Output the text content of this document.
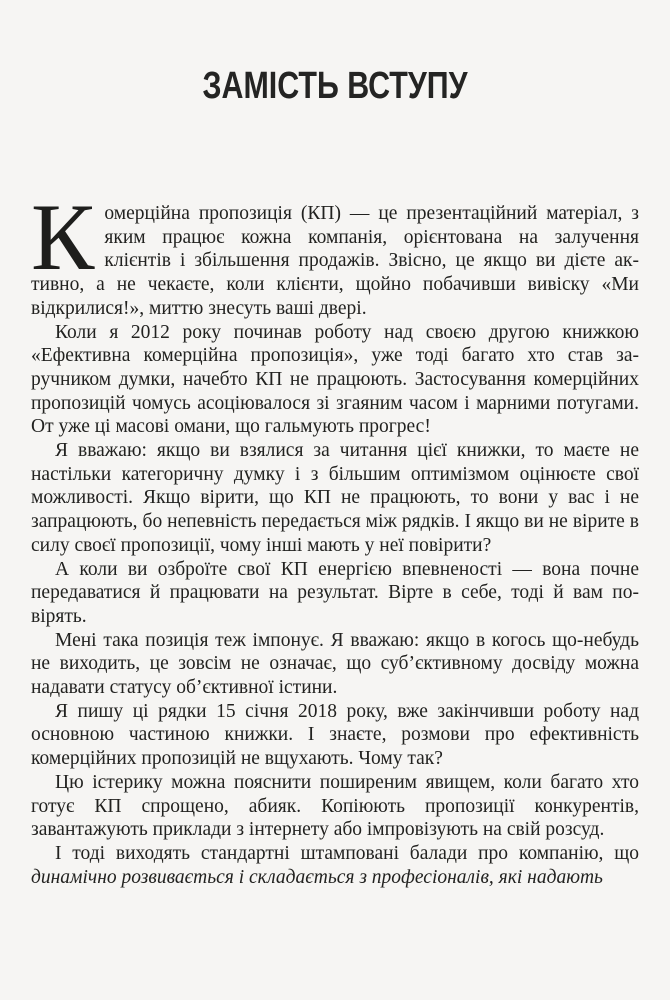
ЗАМІСТЬ ВСТУПУ

Комерційна пропозиція (КП) — це презентаційний матеріал, з яким працює кожна компанія, орієнтована на залучення клієнтів і збільшення продажів. Звісно, це якщо ви дієте активно, а не чекаєте, коли клієнти, щойно побачивши вивіску «Ми відкрилися!», миттю знесуть ваші двері.

Коли я 2012 року починав роботу над своєю другою книжкою «Ефективна комерційна пропозиція», уже тоді багато хто став заручником думки, начебто КП не працюють. Застосування комерційних пропозицій чомусь асоціювалося зі згаяним часом і марними потугами. От уже ці масові омани, що гальмують прогрес!

Я вважаю: якщо ви взялися за читання цієї книжки, то маєте не настільки категоричну думку і з більшим оптимізмом оцінюєте свої можливості. Якщо вірити, що КП не працюють, то вони у вас і не запрацюють, бо непевність передається між рядків. І якщо ви не вірите в силу своєї пропозиції, чому інші мають у неї повірити?

А коли ви озброїте свої КП енергією впевненості — вона почне передаватися й працювати на результат. Вірте в себе, тоді й вам повірять.

Мені така позиція теж імпонує. Я вважаю: якщо в когось що-небудь не виходить, це зовсім не означає, що суб’єктивному досвіду можна надавати статусу об’єктивної істини.

Я пишу ці рядки 15 січня 2018 року, вже закінчивши роботу над основною частиною книжки. І знаєте, розмови про ефективність комерційних пропозицій не вщухають. Чому так?

Цю істерику можна пояснити поширеним явищем, коли багато хто готує КП спрощено, абияк. Копіюють пропозиції конкурентів, завантажують приклади з інтернету або імпровізують на свій розсуд.

І тоді виходять стандартні штамповані балади про компанію, що динамічно розвивається і складається з професіоналів, які надають
